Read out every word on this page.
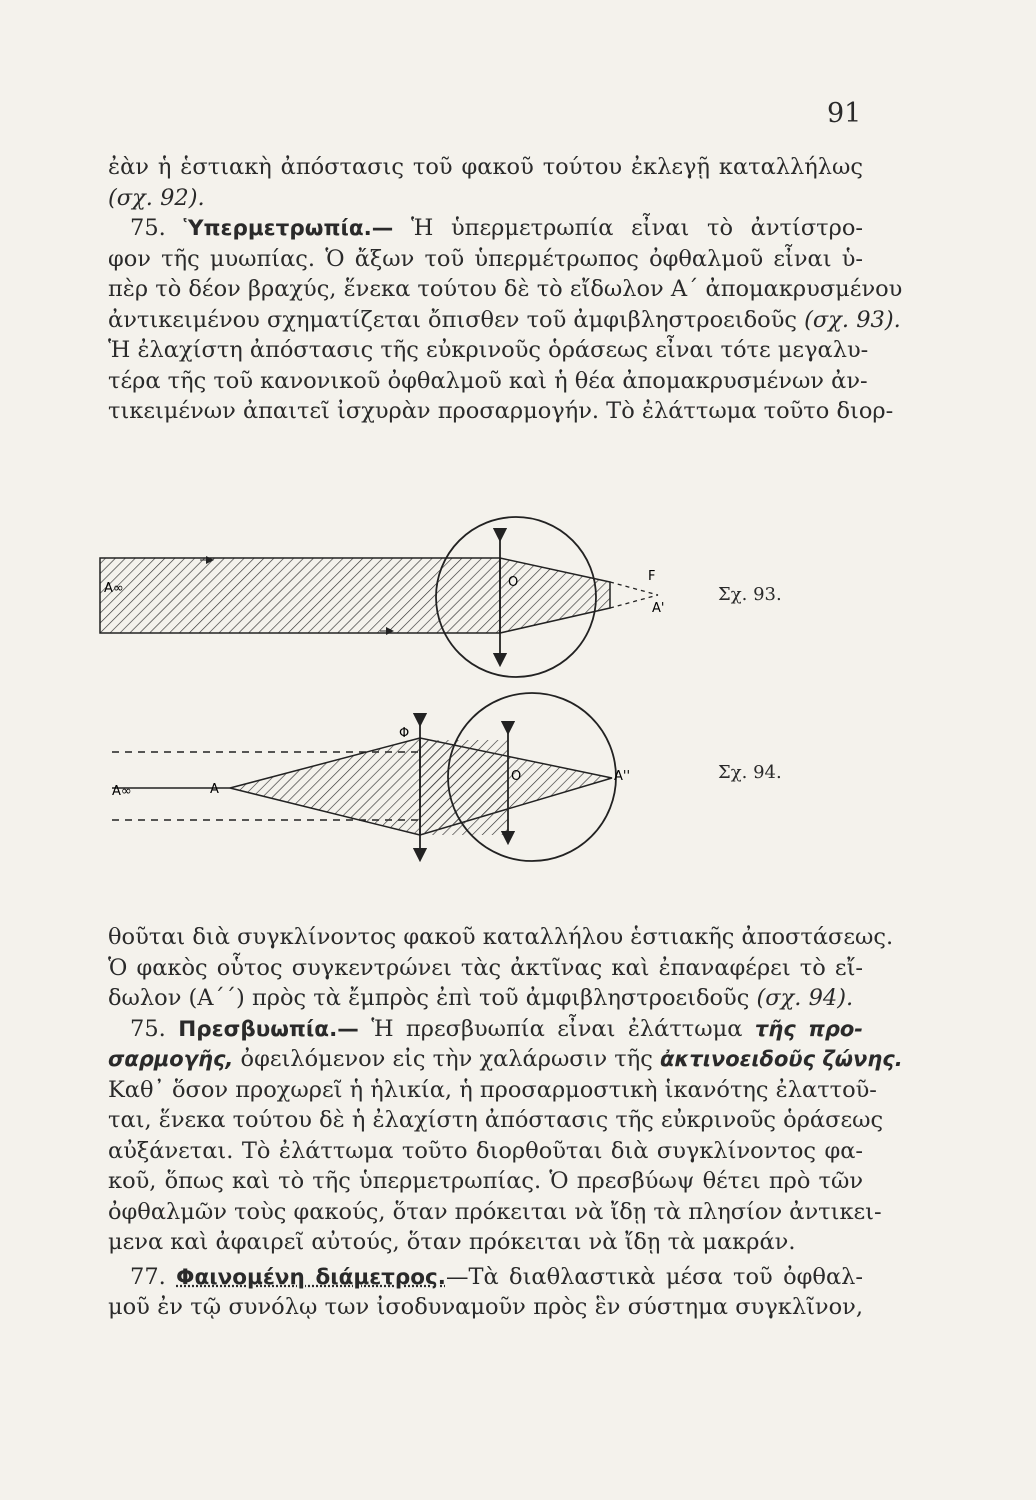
91
ἐὰν ἡ ἑστιακὴ ἀπόστασις τοῦ φακοῦ τούτου ἐκλεγῇ καταλλήλως
(σχ. 92).
75. Ὑπερμετρωπία.— Ἡ ὑπερμετρωπία εἶναι τὸ ἀντίστρο-
φον τῆς μυωπίας. Ὁ ἄξων τοῦ ὑπερμέτρωπος ὀφθαλμοῦ εἶναι ὑ-
πὲρ τὸ δέον βραχύς, ἕνεκα τούτου δὲ τὸ εἴδωλον Α΄ ἀπομακρυσμένου
ἀντικειμένου σχηματίζεται ὄπισθεν τοῦ ἀμφιβληστροειδοῦς (σχ. 93).
Ἡ ἐλαχίστη ἀπόστασις τῆς εὐκρινοῦς ὁράσεως εἶναι τότε μεγαλυ-
τέρα τῆς τοῦ κανονικοῦ ὀφθαλμοῦ καὶ ἡ θέα ἀπομακρυσμένων ἀν-
τικειμένων ἀπαιτεῖ ἰσχυρὰν προσαρμογήν. Τὸ ἐλάττωμα τοῦτο διορ-
Α∞	Ο	F
Α'
Α∞	Α
Φ
Ο	Α''
Σχ. 93.
Σχ. 94.
θοῦται διὰ συγκλίνοντος φακοῦ καταλλήλου ἑστιακῆς ἀποστάσεως.
Ὁ φακὸς οὗτος συγκεντρώνει τὰς ἀκτῖνας καὶ ἐπαναφέρει τὸ εἴ-
δωλον (Α΄΄) πρὸς τὰ ἔμπρὸς ἐπὶ τοῦ ἀμφιβληστροειδοῦς (σχ. 94).
75. Πρεσβυωπία.— Ἡ πρεσβυωπία εἶναι ἐλάττωμα τῆς προ-
σαρμογῆς, ὀφειλόμενον εἰς τὴν χαλάρωσιν τῆς ἀκτινοειδοῦς ζώνης.
Καθ᾽ ὅσον προχωρεῖ ἡ ἡλικία, ἡ προσαρμοστικὴ ἱκανότης ἐλαττοῦ-
ται, ἕνεκα τούτου δὲ ἡ ἐλαχίστη ἀπόστασις τῆς εὐκρινοῦς ὁράσεως
αὐξάνεται. Τὸ ἐλάττωμα τοῦτο διορθοῦται διὰ συγκλίνοντος φα-
κοῦ, ὅπως καὶ τὸ τῆς ὑπερμετρωπίας. Ὁ πρεσβύωψ θέτει πρὸ τῶν
ὀφθαλμῶν τοὺς φακούς, ὅταν πρόκειται νὰ ἴδῃ τὰ πλησίον ἀντικει-
μενα καὶ ἀφαιρεῖ αὐτούς, ὅταν πρόκειται νὰ ἴδῃ τὰ μακράν.
77. Φαινομένη διάμετρος.—Τὰ διαθλαστικὰ μέσα τοῦ ὀφθαλ-
μοῦ ἐν τῷ συνόλῳ των ἰσοδυναμοῦν πρὸς ἓν σύστημα συγκλῖνον,
